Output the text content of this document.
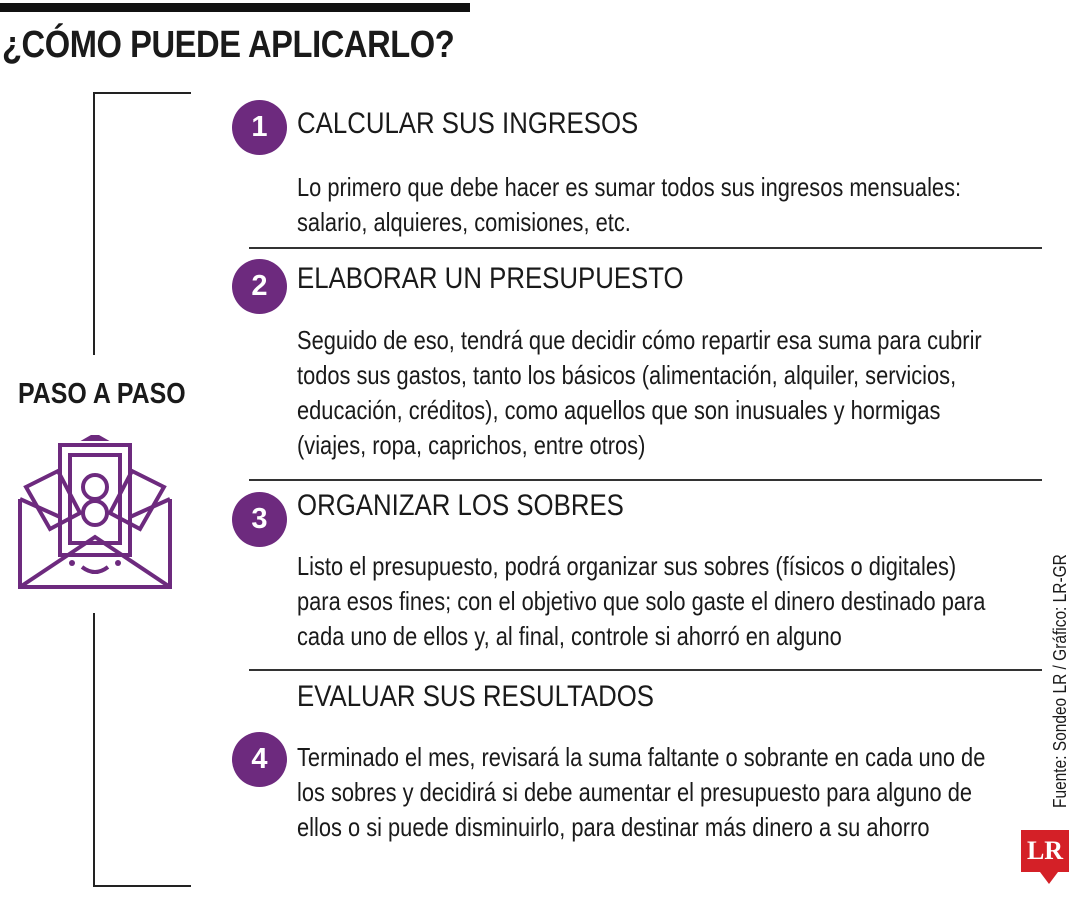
¿CÓMO PUEDE APLICARLO?
PASO A PASO
1 CALCULAR SUS INGRESOS

Lo primero que debe hacer es sumar todos sus ingresos mensuales: salario, alquieres, comisiones, etc.

2 ELABORAR UN PRESUPUESTO

Seguido de eso, tendrá que decidir cómo repartir esa suma para cubrir todos sus gastos, tanto los básicos (alimentación, alquiler, servicios, educación, créditos), como aquellos que son inusuales y hormigas (viajes, ropa, caprichos, entre otros)

3 ORGANIZAR LOS SOBRES

Listo el presupuesto, podrá organizar sus sobres (físicos o digitales) para esos fines; con el objetivo que solo gaste el dinero destinado para cada uno de ellos y, al final, controle si ahorró en alguno

EVALUAR SUS RESULTADOS
4	Terminado el mes, revisará la suma faltante o sobrante en cada uno de los sobres y decidirá si debe aumentar el presupuesto para alguno de ellos o si puede disminuirlo, para destinar más dinero a su ahorro

Fuente: Sondeo LR / Gráfico: LR-GR
LR
